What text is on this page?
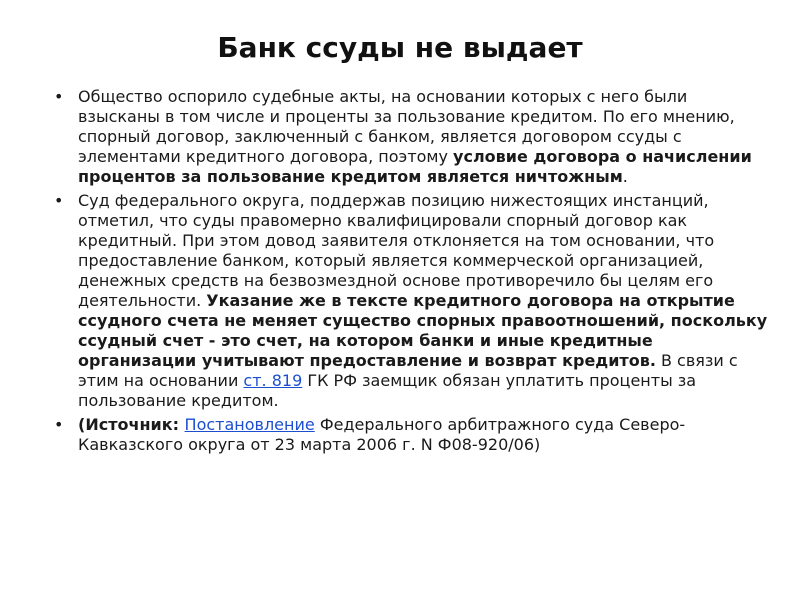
Банк ссуды не выдает
• Общество оспорило судебные акты, на основании которых с него были взысканы в том числе и проценты за пользование кредитом. По его мнению, спорный договор, заключенный с банком, является договором ссуды с элементами кредитного договора, поэтому условие договора о начислении процентов за пользование кредитом является ничтожным.
• Суд федерального округа, поддержав позицию нижестоящих инстанций, отметил, что суды правомерно квалифицировали спорный договор как кредитный. При этом довод заявителя отклоняется на том основании, что предоставление банком, который является коммерческой организацией, денежных средств на безвозмездной основе противоречило бы целям его деятельности. Указание же в тексте кредитного договора на открытие ссудного счета не меняет существо спорных правоотношений, поскольку ссудный счет - это счет, на котором банки и иные кредитные организации учитывают предоставление и возврат кредитов. В связи с этим на основании ст. 819 ГК РФ заемщик обязан уплатить проценты за пользование кредитом.
• (Источник: Постановление Федерального арбитражного суда Северо-Кавказского округа от 23 марта 2006 г. N Ф08-920/06)
